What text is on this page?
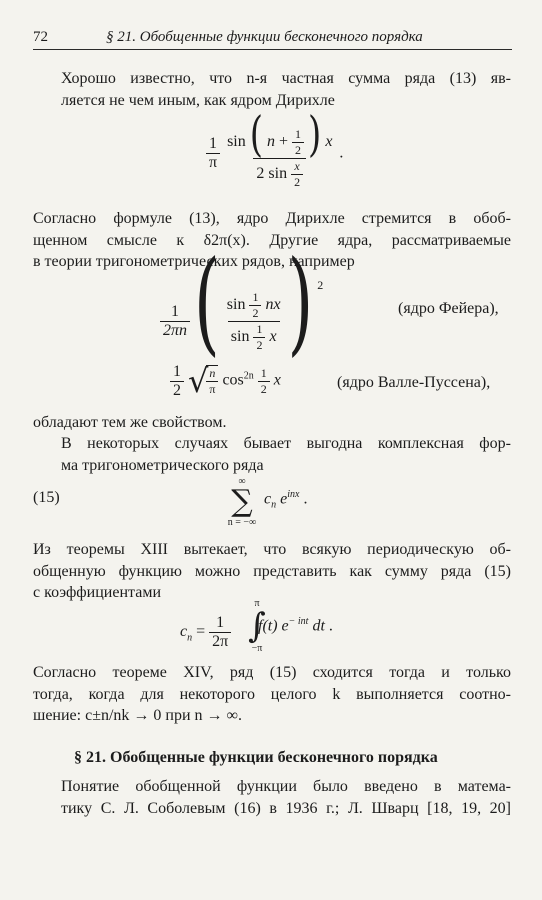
72	§ 21. Обобщенные функции бесконечного порядка
Хорошо известно, что n-я частная сумма ряда (13) яв-
ляется не чем иным, как ядром Дирихле
$\frac{1}{\pi}$
sin ( $n + \frac{1}{2}$ ) x
2 $\sin \frac{x}{2}$
.
Согласно формуле (13), ядро Дирихле стремится в обоб-
щенном смысле к δ2π(x). Другие ядра, рассматриваемые
в теории тригонометрических рядов, например
$\frac{1}{2\pi n}$ ( $\frac{\sin \frac{1}{2} nx}{\sin \frac{1}{2} x}$ ) $^2$
(ядро Фейера),
$\frac{1}{2}$ √
$\frac{n}{\pi} \cos^{2n} \frac{1}{2}$ x	(ядро Валле-Пуссена),
обладают тем же свойством.
В некоторых случаях бывает выгодна комплексная фор-
ма тригонометрического ряда
(15)
∞
∑
n = −∞
$c_n$ $e^{inx}$ .
Из теоремы XIII вытекает, что всякую периодическую об-
общенную функцию можно представить как сумму ряда (15)
с коэффициентами
$c_n = \frac{1}{2\pi}$
π
∫
−π
f(t) $e^{- int}$ dt .
Согласно теореме XIV, ряд (15) сходится тогда и только
тогда, когда для некоторого целого k выполняется соотно-
шение: c±n/nk → 0 при n → ∞.
§ 21. Обобщенные функции бесконечного порядка
Понятие обобщенной функции было введено в матема-
тику С. Л. Соболевым (16) в 1936 г.; Л. Шварц [18, 19, 20]
